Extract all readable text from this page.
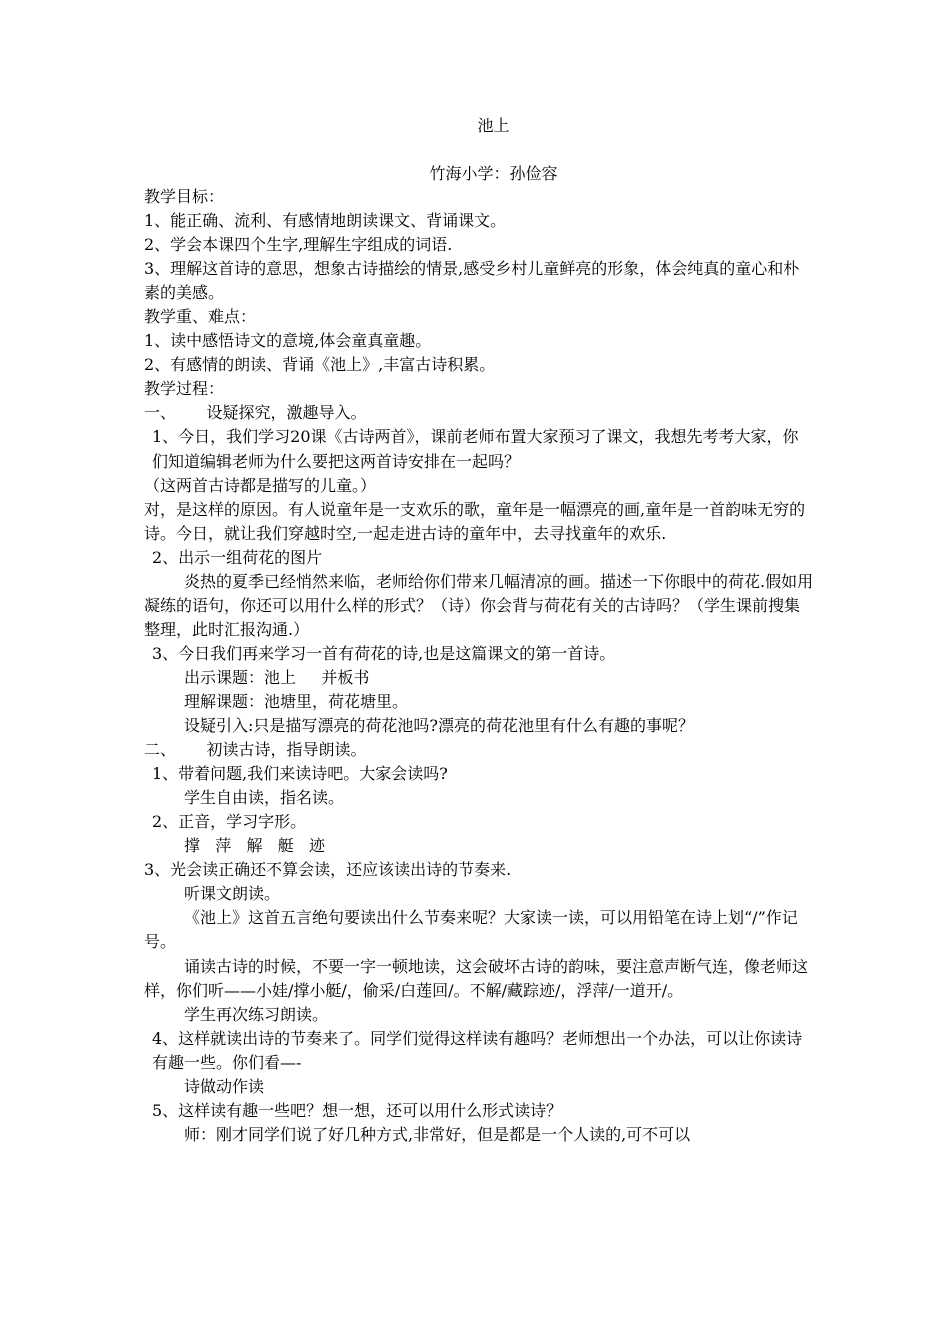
池上
竹海小学：孙俭容

教学目标：

1、能正确、流利、有感情地朗读课文、背诵课文。

2、学会本课四个生字,理解生字组成的词语.

3、理解这首诗的意思，想象古诗描绘的情景,感受乡村儿童鲜亮的形象，体会纯真的童心和朴素的美感。

教学重、难点：

1、读中感悟诗文的意境,体会童真童趣。

2、有感情的朗读、背诵《池上》,丰富古诗积累。

教学过程：

一、      设疑探究，激趣导入。

1、今日，我们学习20课《古诗两首》，课前老师布置大家预习了课文，我想先考考大家，你们知道编辑老师为什么要把这两首诗安排在一起吗？

（这两首古诗都是描写的儿童。）

对，是这样的原因。有人说童年是一支欢乐的歌，童年是一幅漂亮的画,童年是一首韵味无穷的诗。今日，就让我们穿越时空,一起走进古诗的童年中，去寻找童年的欢乐.

2、出示一组荷花的图片

炎热的夏季已经悄然来临，老师给你们带来几幅清凉的画。描述一下你眼中的荷花.假如用凝练的语句，你还可以用什么样的形式？（诗）你会背与荷花有关的古诗吗？（学生课前搜集整理，此时汇报沟通.）

3、今日我们再来学习一首有荷花的诗,也是这篇课文的第一首诗。

出示课题：池上     并板书

理解课题：池塘里，荷花塘里。

设疑引入:只是描写漂亮的荷花池吗?漂亮的荷花池里有什么有趣的事呢？

二、      初读古诗，指导朗读。

1、带着问题,我们来读诗吧。大家会读吗?

学生自由读，指名读。

2、正音，学习字形。

撑   萍   解   艇   迹

3、光会读正确还不算会读，还应该读出诗的节奏来.

听课文朗读。

《池上》这首五言绝句要读出什么节奏来呢？大家读一读，可以用铅笔在诗上划“/”作记号。

诵读古诗的时候，不要一字一顿地读，这会破坏古诗的韵味，要注意声断气连，像老师这样，你们听——小娃/撑小艇/，偷采/白莲回/。不解/藏踪迹/，浮萍/一道开/。

学生再次练习朗读。

4、这样就读出诗的节奏来了。同学们觉得这样读有趣吗？老师想出一个办法，可以让你读诗有趣一些。你们看—-

诗做动作读

5、这样读有趣一些吧？想一想，还可以用什么形式读诗？

师：刚才同学们说了好几种方式,非常好，但是都是一个人读的,可不可以
